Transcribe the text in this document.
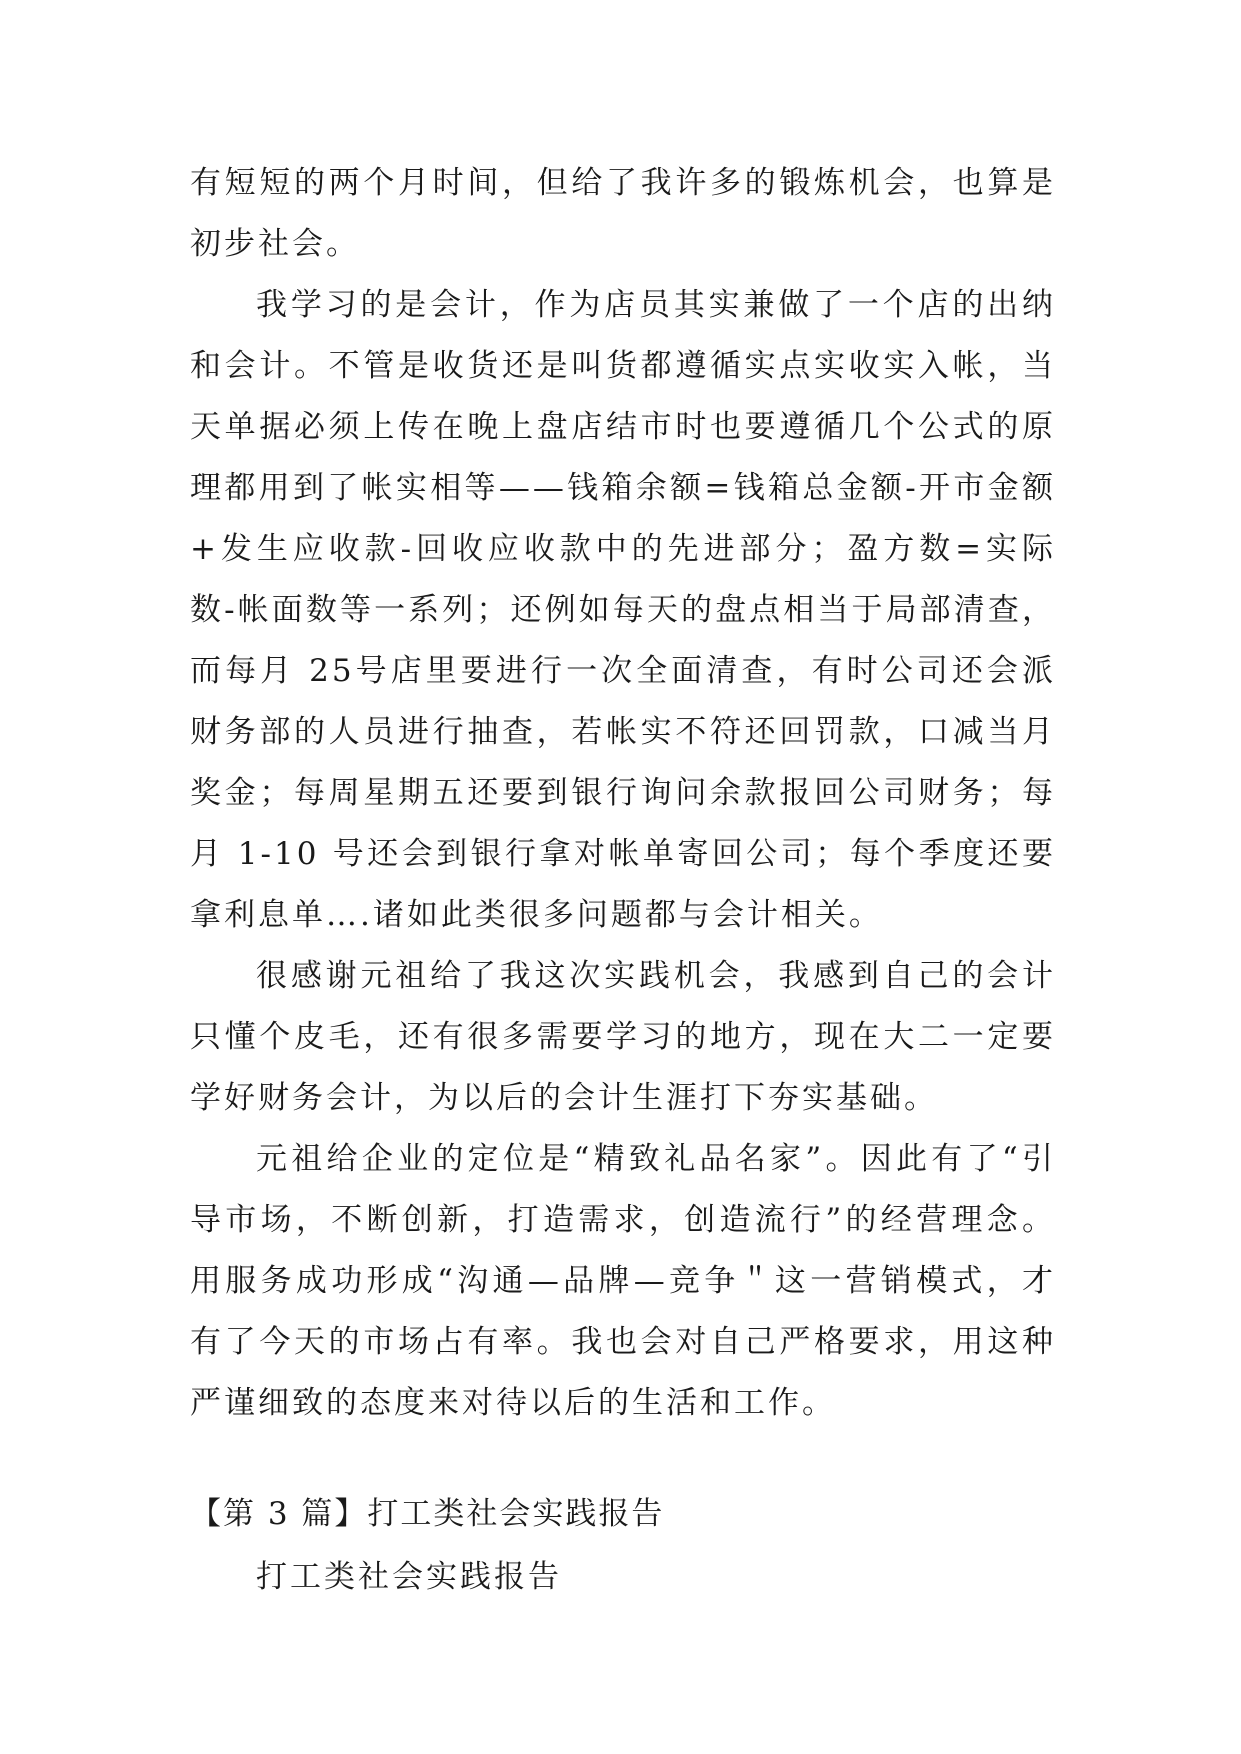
有短短的两个月时间，但给了我许多的锻炼机会，也算是初步社会。

我学习的是会计，作为店员其实兼做了一个店的出纳和会计。不管是收货还是叫货都遵循实点实收实入帐，当天单据必须上传在晚上盘店结市时也要遵循几个公式的原理都用到了帐实相等——钱箱余额=钱箱总金额-开市金额+发生应收款-回收应收款中的先进部分；盈方数=实际数-帐面数等一系列；还例如每天的盘点相当于局部清查，而每月 25号店里要进行一次全面清查，有时公司还会派财务部的人员进行抽查，若帐实不符还回罚款，口减当月奖金；每周星期五还要到银行询问余款报回公司财务；每月 1-10 号还会到银行拿对帐单寄回公司；每个季度还要拿利息单….诸如此类很多问题都与会计相关。

很感谢元祖给了我这次实践机会，我感到自己的会计只懂个皮毛，还有很多需要学习的地方，现在大二一定要学好财务会计，为以后的会计生涯打下夯实基础。

元祖给企业的定位是“精致礼品名家”。因此有了“引导市场，不断创新，打造需求，创造流行”的经营理念。用服务成功形成“沟通—品牌—竞争＂这一营销模式，才有了今天的市场占有率。我也会对自己严格要求，用这种严谨细致的态度来对待以后的生活和工作。

【第 3 篇】打工类社会实践报告

打工类社会实践报告
